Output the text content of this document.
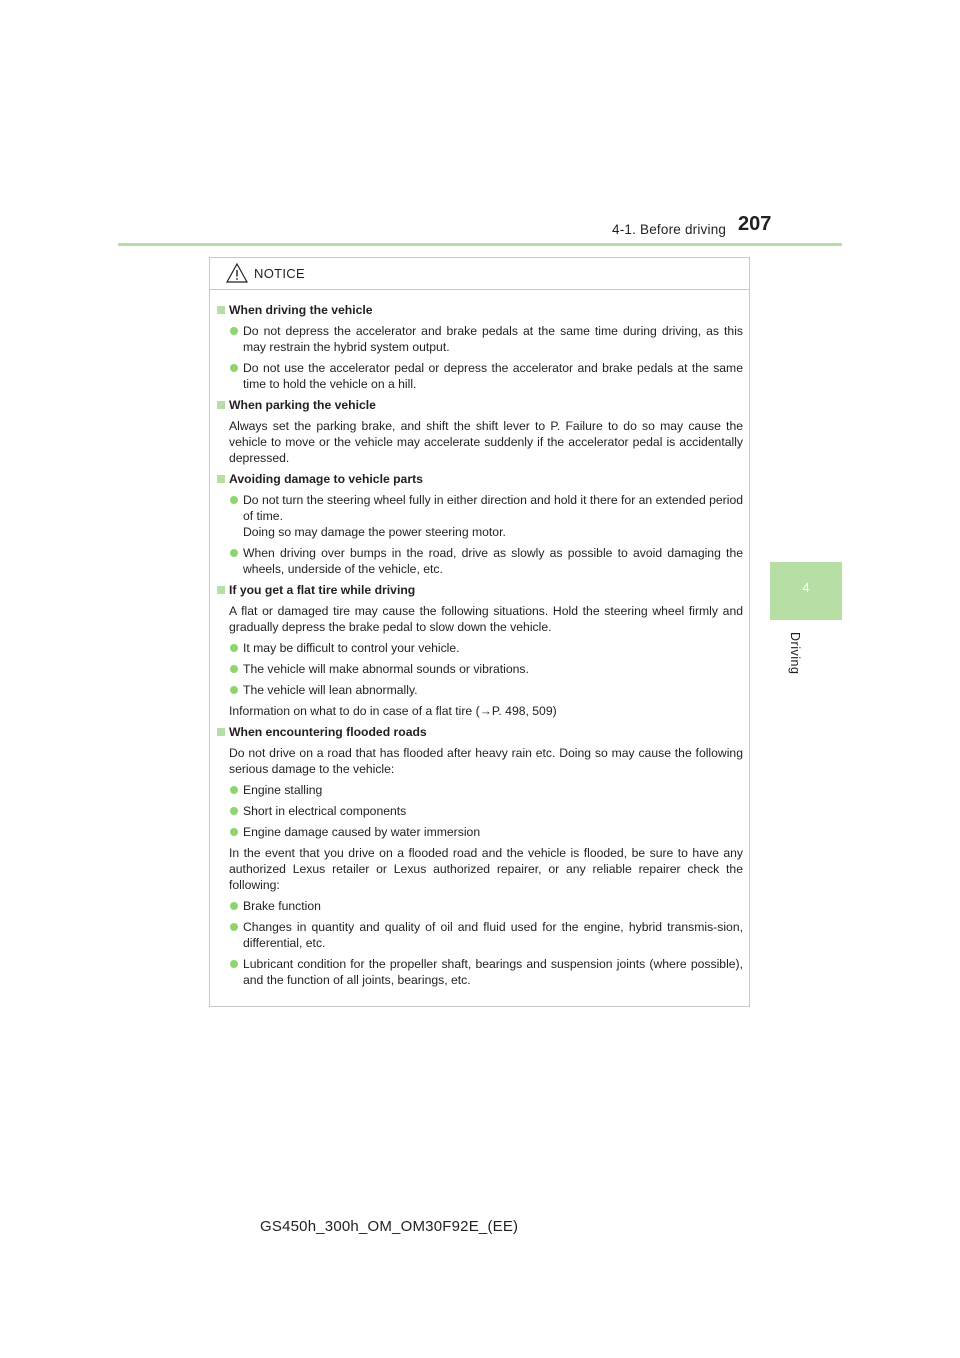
4-1. Before driving 207
4
Driving
NOTICE
When driving the vehicle
Do not depress the accelerator and brake pedals at the same time during driving, as this may restrain the hybrid system output.
Do not use the accelerator pedal or depress the accelerator and brake pedals at the same time to hold the vehicle on a hill.
When parking the vehicle
Always set the parking brake, and shift the shift lever to P. Failure to do so may cause the vehicle to move or the vehicle may accelerate suddenly if the accelerator pedal is accidentally depressed.
Avoiding damage to vehicle parts
Do not turn the steering wheel fully in either direction and hold it there for an extended period of time.
Doing so may damage the power steering motor.
When driving over bumps in the road, drive as slowly as possible to avoid damaging the wheels, underside of the vehicle, etc.
If you get a flat tire while driving
A flat or damaged tire may cause the following situations. Hold the steering wheel firmly and gradually depress the brake pedal to slow down the vehicle.
It may be difficult to control your vehicle.
The vehicle will make abnormal sounds or vibrations.
The vehicle will lean abnormally.
Information on what to do in case of a flat tire (→P. 498, 509)
When encountering flooded roads
Do not drive on a road that has flooded after heavy rain etc. Doing so may cause the following serious damage to the vehicle:
Engine stalling
Short in electrical components
Engine damage caused by water immersion
In the event that you drive on a flooded road and the vehicle is flooded, be sure to have any authorized Lexus retailer or Lexus authorized repairer, or any reliable repairer check the following:
Brake function
Changes in quantity and quality of oil and fluid used for the engine, hybrid transmis-sion, differential, etc.
Lubricant condition for the propeller shaft, bearings and suspension joints (where possible), and the function of all joints, bearings, etc.
GS450h_300h_OM_OM30F92E_(EE)
